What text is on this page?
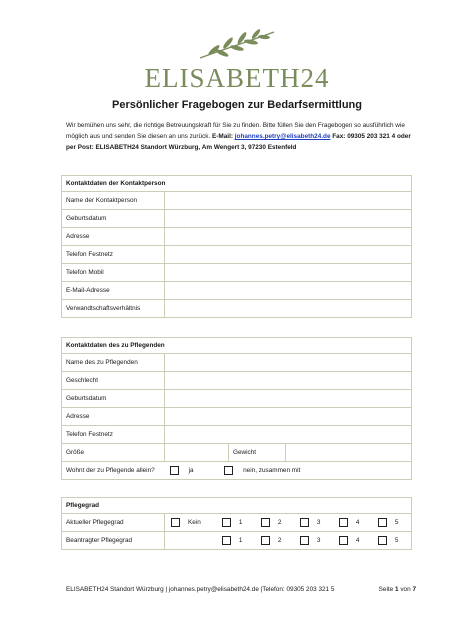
ELISABETH24
Persönlicher Fragebogen zur Bedarfsermittlung
Wir bemühen uns sehr, die richtige Betreuungskraft für Sie zu finden. Bitte füllen Sie den Fragebogen so ausführlich wie möglich aus und senden Sie diesen an uns zurück. E-Mail: johannes.petry@elisabeth24.de Fax: 09305 203 321 4 oder per Post: ELISABETH24 Standort Würzburg, Am Wengert 3, 97230 Estenfeld
Kontaktdaten der Kontaktperson	
Name der Kontaktperson	
Geburtsdatum	
Adresse	
Telefon Festnetz	
Telefon Mobil	
E-Mail-Adresse	
Verwandtschaftsverhältnis	
Kontaktdaten des zu Pflegenden			
Name des zu Pflegenden			
Geschlecht			
Geburtsdatum			
Adresse			
Telefon Festnetz			
Größe		Gewicht	
Wohnt der zu Pflegende allein? ja nein, zusammen mit			
Pflegegrad						
Aktueller Pflegegrad	Kein	1	2	3	4	5
Beantragter Pflegegrad		1	2	3	4	5
ELISABETH24 Standort Würzburg | johannes.petry@elisabeth24.de |Telefon: 09305 203 321 5	Seite 1 von 7
